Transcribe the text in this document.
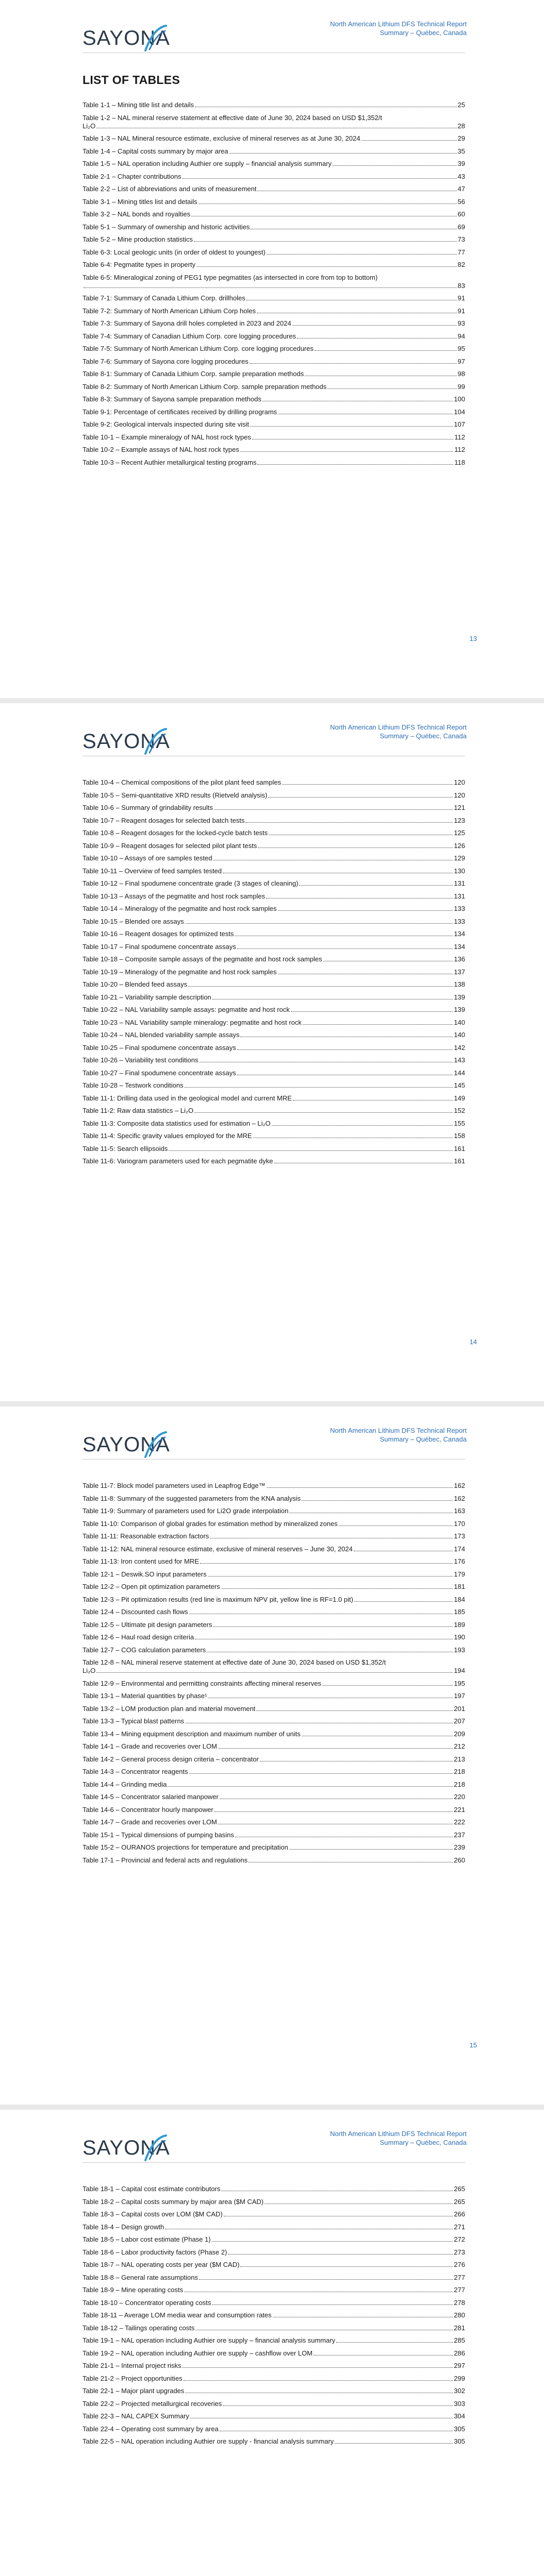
SAYONA
North American Lithium DFS Technical Report
Summary – Québec, Canada
LIST OF TABLES
Table 1-1 – Mining title list and details	25
Table 1-2 – NAL mineral reserve statement at effective date of June 30, 2024 based on USD $1,352/t
Li₂O	28
Table 1-3 – NAL Mineral resource estimate, exclusive of mineral reserves as at June 30, 2024	29
Table 1-4 – Capital costs summary by major area	35
Table 1-5 – NAL operation including Authier ore supply – financial analysis summary	39
Table 2-1 – Chapter contributions	43
Table 2-2 – List of abbreviations and units of measurement	47
Table 3-1 – Mining titles list and details	56
Table 3-2 – NAL bonds and royalties	60
Table 5-1 – Summary of ownership and historic activities	69
Table 5-2 – Mine production statistics	73
Table 6-3: Local geologic units (in order of oldest to youngest)	77
Table 6-4: Pegmatite types in property	82
Table 6-5: Mineralogical zoning of PEG1 type pegmatites (as intersected in core from top to bottom)
83
Table 7-1: Summary of Canada Lithium Corp. drillholes	91
Table 7-2: Summary of North American Lithium Corp holes	91
Table 7-3: Summary of Sayona drill holes completed in 2023 and 2024	93
Table 7-4: Summary of Canadian Lithium Corp. core logging procedures	94
Table 7-5: Summary of North American Lithium Corp. core logging procedures	95
Table 7-6: Summary of Sayona core logging procedures	97
Table 8-1: Summary of Canada Lithium Corp. sample preparation methods	98
Table 8-2: Summary of North American Lithium Corp. sample preparation methods	99
Table 8-3: Summary of Sayona sample preparation methods	100
Table 9-1: Percentage of certificates received by drilling programs	104
Table 9-2: Geological intervals inspected during site visit	107
Table 10-1 – Example mineralogy of NAL host rock types	112
Table 10-2 – Example assays of NAL host rock types	112
Table 10-3 – Recent Authier metallurgical testing programs	118
13
SAYONA
North American Lithium DFS Technical Report
Summary – Québec, Canada
Table 10-4 – Chemical compositions of the pilot plant feed samples	120
Table 10-5 – Semi-quantitative XRD results (Rietveld analysis)	120
Table 10-6 – Summary of grindability results	121
Table 10-7 – Reagent dosages for selected batch tests	123
Table 10-8 – Reagent dosages for the locked-cycle batch tests	125
Table 10-9 – Reagent dosages for selected pilot plant tests	126
Table 10-10 – Assays of ore samples tested	129
Table 10-11 – Overview of feed samples tested	130
Table 10-12 – Final spodumene concentrate grade (3 stages of cleaning)	131
Table 10-13 – Assays of the pegmatite and host rock samples	131
Table 10-14 – Mineralogy of the pegmatite and host rock samples	133
Table 10-15 – Blended ore assays	133
Table 10-16 – Reagent dosages for optimized tests	134
Table 10-17 – Final spodumene concentrate assays	134
Table 10-18 – Composite sample assays of the pegmatite and host rock samples	136
Table 10-19 – Mineralogy of the pegmatite and host rock samples	137
Table 10-20 – Blended feed assays	138
Table 10-21 – Variability sample description	139
Table 10-22 – NAL Variability sample assays: pegmatite and host rock	139
Table 10-23 – NAL Variability sample mineralogy: pegmatite and host rock	140
Table 10-24 – NAL blended variability sample assays	140
Table 10-25 – Final spodumene concentrate assays	142
Table 10-26 – Variability test conditions	143
Table 10-27 – Final spodumene concentrate assays	144
Table 10-28 – Testwork conditions	145
Table 11-1: Drilling data used in the geological model and current MRE	149
Table 11-2: Raw data statistics – Li₂O	152
Table 11-3: Composite data statistics used for estimation – Li₂O	155
Table 11-4: Specific gravity values employed for the MRE	158
Table 11-5: Search ellipsoids	161
Table 11-6: Variogram parameters used for each pegmatite dyke	161
14
SAYONA
North American Lithium DFS Technical Report
Summary – Québec, Canada
Table 11-7: Block model parameters used in Leapfrog Edge™	162
Table 11-8: Summary of the suggested parameters from the KNA analysis	162
Table 11-9: Summary of parameters used for Li2O grade interpolation	163
Table 11-10: Comparison of global grades for estimation method by mineralized zones	170
Table 11-11: Reasonable extraction factors	173
Table 11-12: NAL mineral resource estimate, exclusive of mineral reserves – June 30, 2024	174
Table 11-13: Iron content used for MRE	176
Table 12-1 – Deswik.SO input parameters	179
Table 12-2 – Open pit optimization parameters	181
Table 12-3 – Pit optimization results (red line is maximum NPV pit, yellow line is RF=1.0 pit)	184
Table 12-4 – Discounted cash flows	185
Table 12-5 – Ultimate pit design parameters	189
Table 12-6 – Haul road design criteria	190
Table 12-7 – COG calculation parameters	193
Table 12-8 – NAL mineral reserve statement at effective date of June 30, 2024 based on USD $1,352/t
Li₂O	194
Table 12-9 – Environmental and permitting constraints affecting mineral reserves	195
Table 13-1 – Material quantities by phase¹	197
Table 13-2 – LOM production plan and material movement	201
Table 13-3 – Typical blast patterns	207
Table 13-4 – Mining equipment description and maximum number of units	209
Table 14-1 – Grade and recoveries over LOM	212
Table 14-2 – General process design criteria – concentrator	213
Table 14-3 – Concentrator reagents	218
Table 14-4 – Grinding media	218
Table 14-5 – Concentrator salaried manpower	220
Table 14-6 – Concentrator hourly manpower	221
Table 14-7 – Grade and recoveries over LOM	222
Table 15-1 – Typical dimensions of pumping basins	237
Table 15-2 – OURANOS projections for temperature and precipitation	239
Table 17-1 – Provincial and federal acts and regulations	260
15
SAYONA
North American Lithium DFS Technical Report
Summary – Québec, Canada
Table 18-1 – Capital cost estimate contributors	265
Table 18-2 – Capital costs summary by major area ($M CAD)	265
Table 18-3 – Capital costs over LOM ($M CAD)	266
Table 18-4 – Design growth	271
Table 18-5 – Labor cost estimate (Phase 1)	272
Table 18-6 – Labor productivity factors (Phase 2)	273
Table 18-7 – NAL operating costs per year ($M CAD)	276
Table 18-8 – General rate assumptions	277
Table 18-9 – Mine operating costs	277
Table 18-10 – Concentrator operating costs	278
Table 18-11 – Average LOM media wear and consumption rates	280
Table 18-12 – Tailings operating costs	281
Table 19-1 – NAL operation including Authier ore supply – financial analysis summary	285
Table 19-2 – NAL operation including Authier ore supply – cashflow over LOM	286
Table 21-1 – Internal project risks	297
Table 21-2 – Project opportunities	299
Table 22-1 – Major plant upgrades	302
Table 22-2 – Projected metallurgical recoveries	303
Table 22-3 – NAL CAPEX Summary	304
Table 22-4 – Operating cost summary by area	305
Table 22-5 – NAL operation including Authier ore supply - financial analysis summary	305
